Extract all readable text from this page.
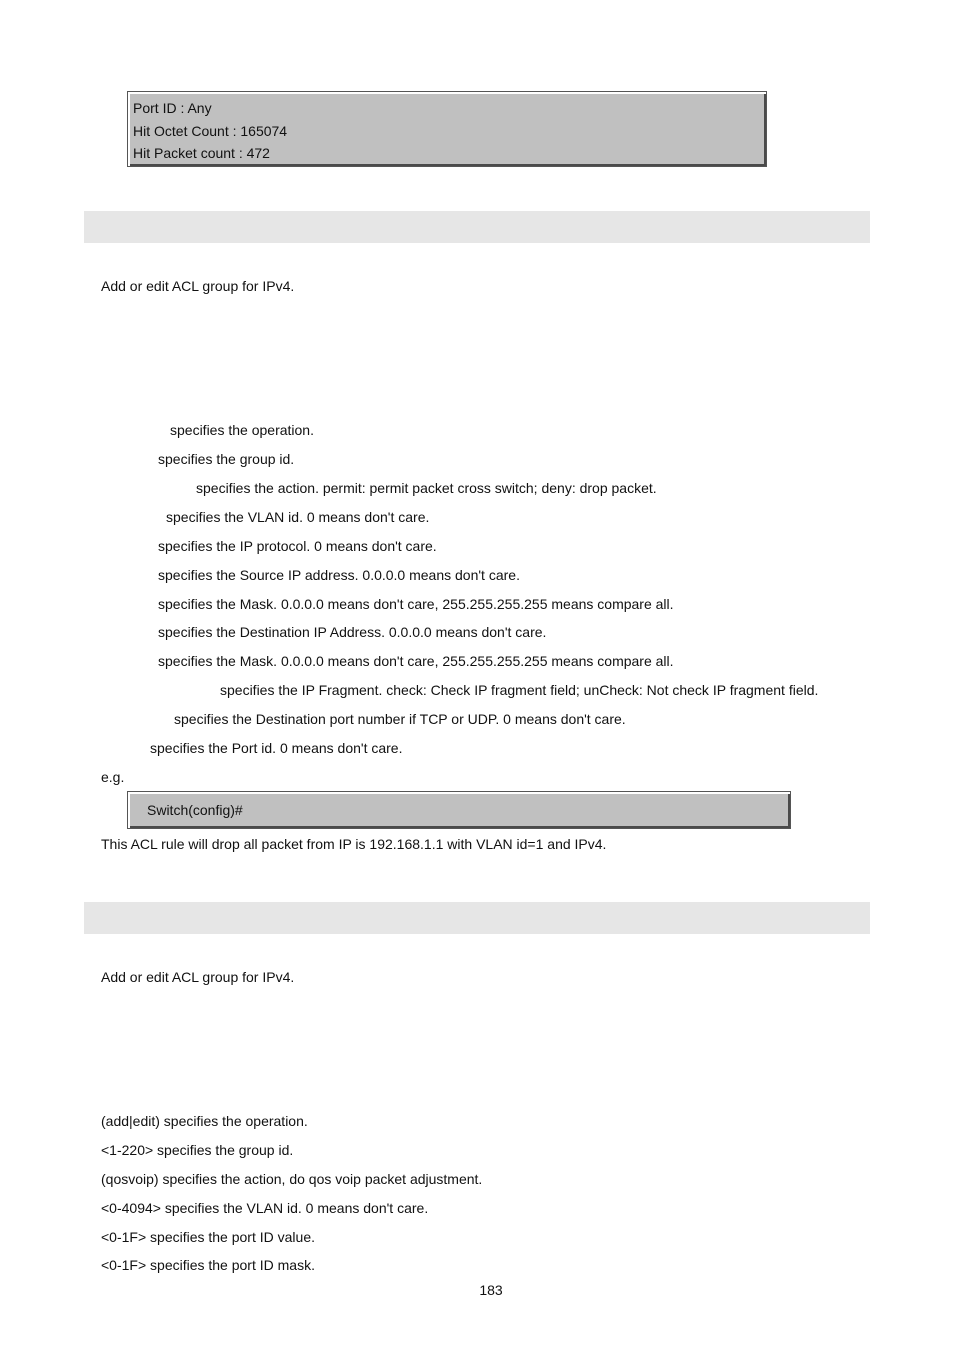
Port ID : Any
Hit Octet Count : 165074
Hit Packet count : 472
Add or edit ACL group for IPv4.
specifies the operation.
specifies the group id.
specifies the action. permit: permit packet cross switch; deny: drop packet.
specifies the VLAN id. 0 means don't care.
specifies the IP protocol. 0 means don't care.
specifies the Source IP address. 0.0.0.0 means don't care.
specifies the Mask. 0.0.0.0 means don't care, 255.255.255.255 means compare all.
specifies the Destination IP Address. 0.0.0.0 means don't care.
specifies the Mask. 0.0.0.0 means don't care, 255.255.255.255 means compare all.
specifies the IP Fragment. check: Check IP fragment field; unCheck: Not check IP fragment field.
specifies the Destination port number if TCP or UDP. 0 means don't care.
specifies the Port id. 0 means don't care.
e.g.
Switch(config)#
This ACL rule will drop all packet from IP is 192.168.1.1 with VLAN id=1 and IPv4.
Add or edit ACL group for IPv4.
(add|edit) specifies the operation.
<1-220> specifies the group id.
(qosvoip) specifies the action, do qos voip packet adjustment.
<0-4094> specifies the VLAN id. 0 means don't care.
<0-1F> specifies the port ID value.
<0-1F> specifies the port ID mask.
183
